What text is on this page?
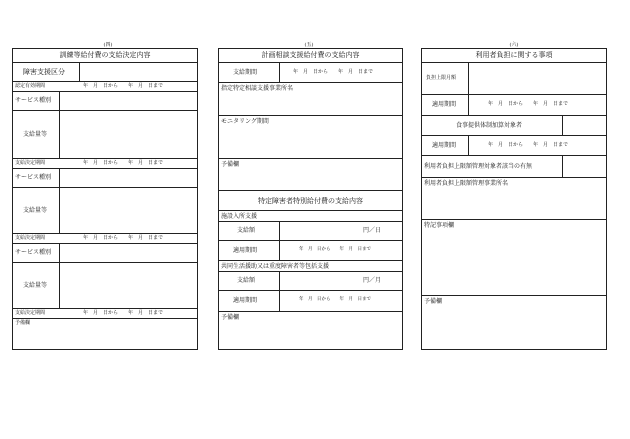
(四)	(五)	(六)
訓練等給付費の支給決定内容
障害支援区分
認定有効期間	年　月　日から　　年　月　日まで
サービス種別
支給量等
支給決定期間	年　月　日から　　年　月　日まで
サービス種別
支給量等
支給決定期間	年　月　日から　　年　月　日まで
サービス種別
支給量等
支給決定期間	年　月　日から　　年　月　日まで
予備欄
計画相談支援給付費の支給内容
支給期間	年　月　日から　　年　月　日まで
指定特定相談支援事業所名
モニタリング期間
予備欄
特定障害者特別給付費の支給内容
施設入所支援
支給額	円／日
適用期間	年　月　日から　　年　月　日まで
共同生活援助又は重度障害者等包括支援
支給額	円／月
適用期間	年　月　日から　　年　月　日まで
予備欄
利用者負担に関する事項
負担上限月額
適用期間	年　月　日から　　年　月　日まで
食事提供体制加算対象者
適用期間	年　月　日から　　年　月　日まで
利用者負担上限額管理対象者該当の有無
利用者負担上限額管理事業所名
特記事項欄
予備欄
